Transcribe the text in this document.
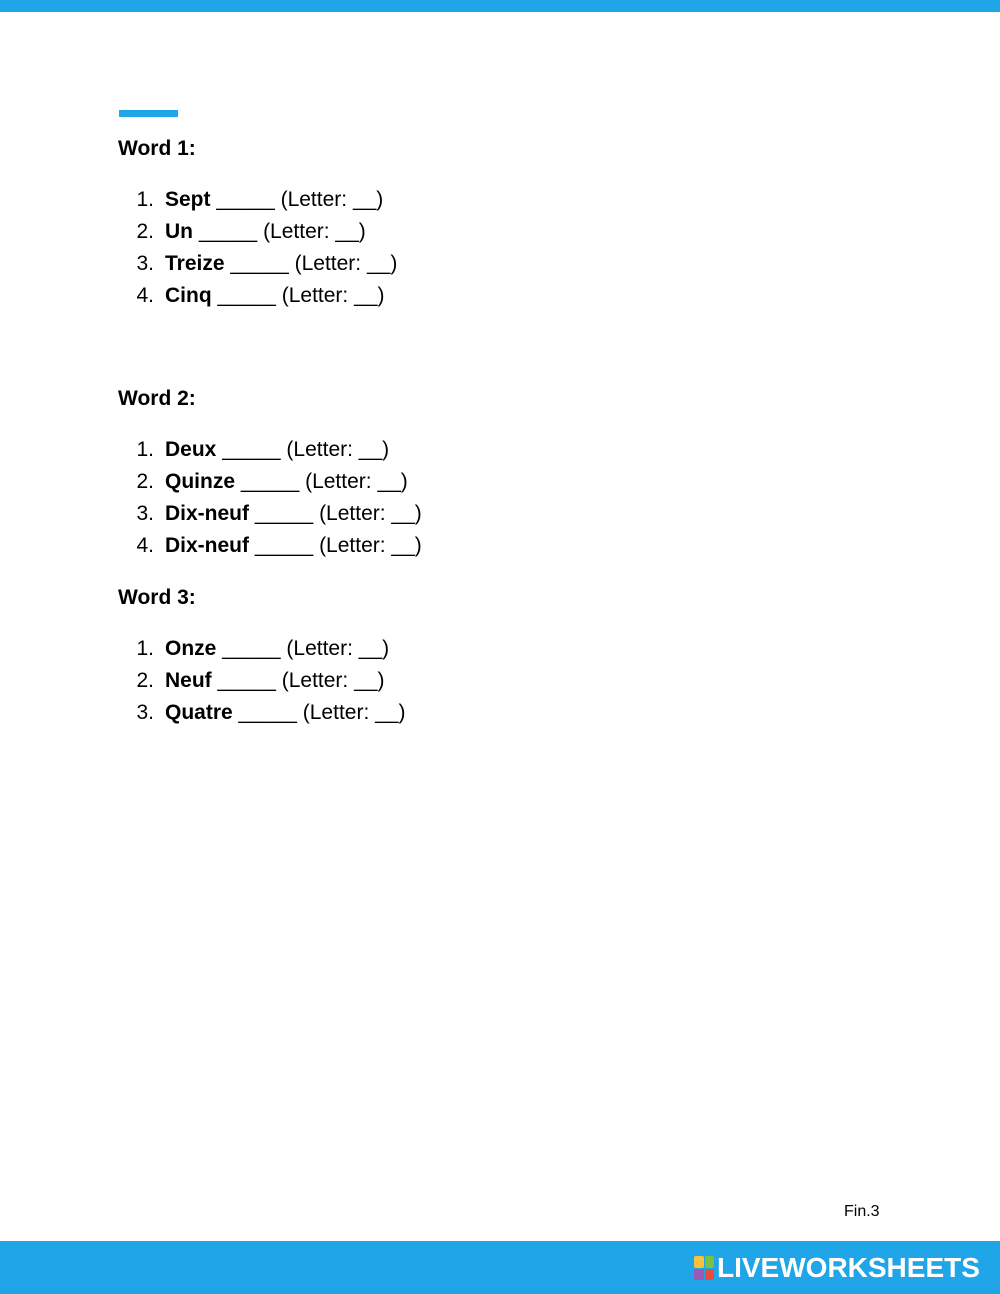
Word 1:
1. Sept _____ (Letter: __)
2. Un _____ (Letter: __)
3. Treize _____ (Letter: __)
4. Cinq _____ (Letter: __)
Word 2:
1. Deux _____ (Letter: __)
2. Quinze _____ (Letter: __)
3. Dix-neuf _____ (Letter: __)
4. Dix-neuf _____ (Letter: __)
Word 3:
1. Onze _____ (Letter: __)
2. Neuf _____ (Letter: __)
3. Quatre _____ (Letter: __)
Fin.3
LIVEWORKSHEETS
